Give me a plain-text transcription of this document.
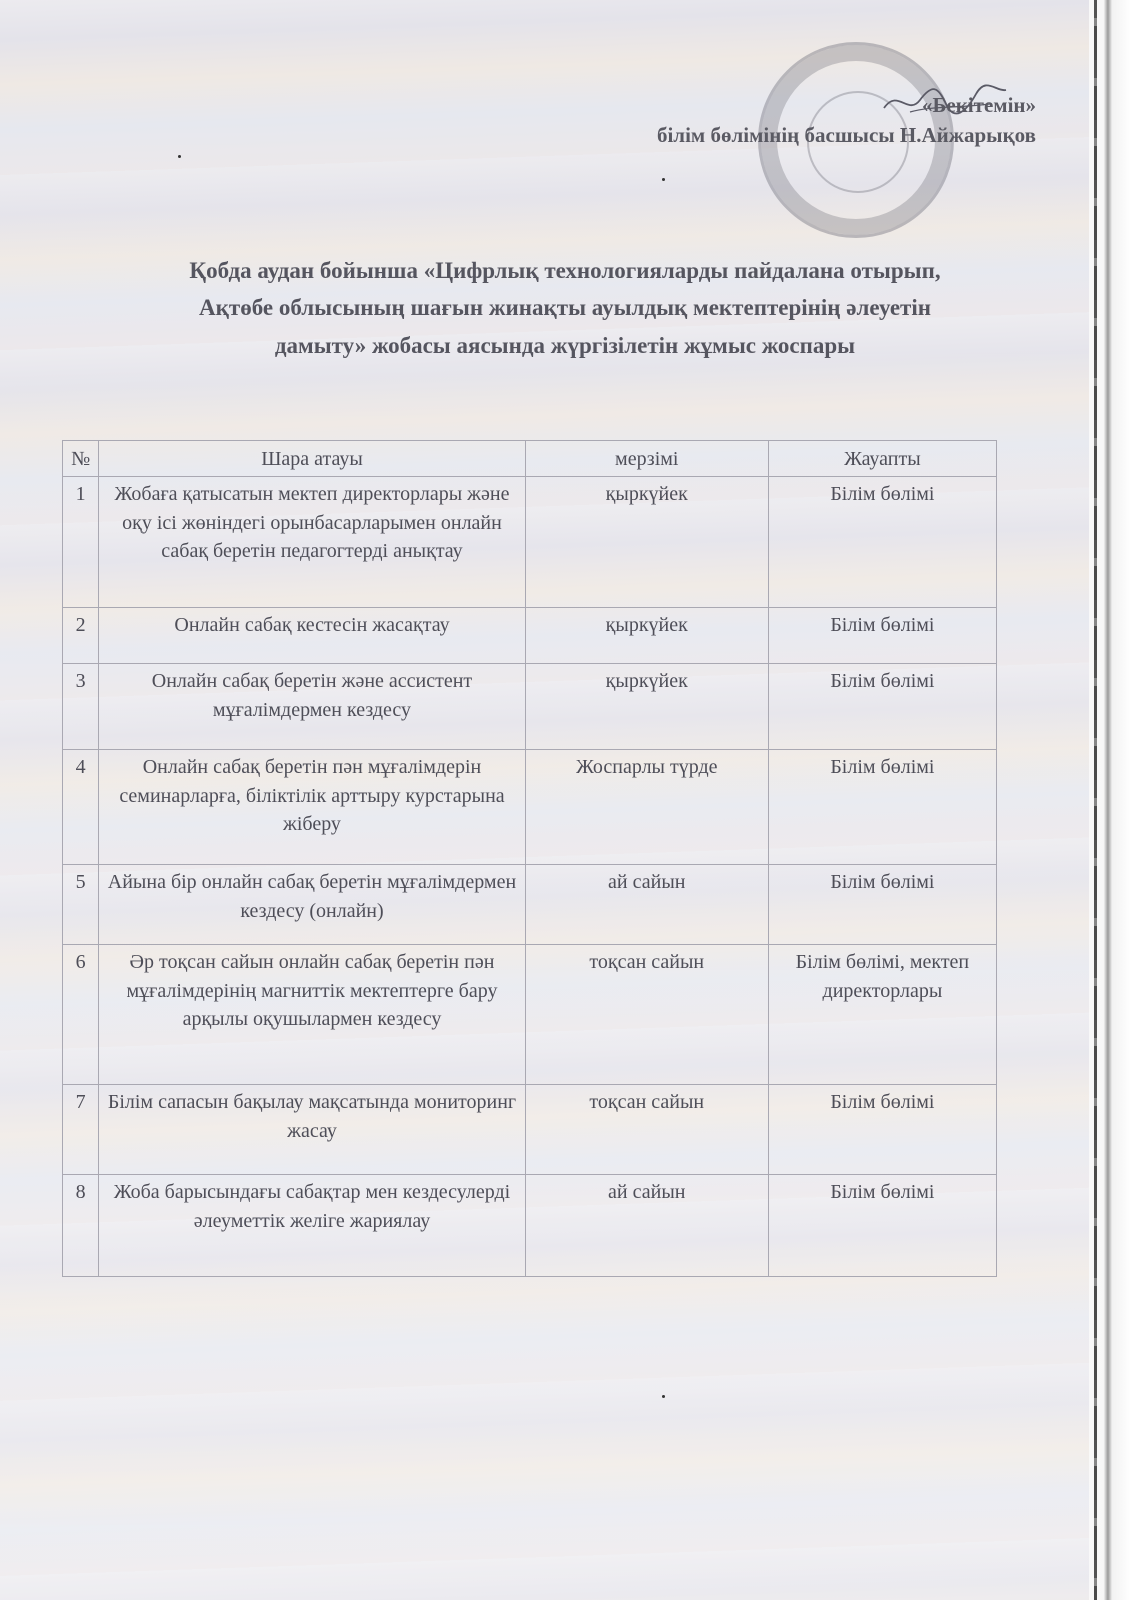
«Бекітемін»
білім бөлімінің басшысы Н.Айжарықов
Қобда аудан бойынша «Цифрлық технологияларды пайдалана отырып,
Ақтөбе облысының шағын жинақты ауылдық мектептерінің әлеуетін
дамыту» жобасы аясында жүргізілетін жұмыс жоспары
№	Шара атауы	мерзімі	Жауапты
1	Жобаға қатысатын мектеп директорлары және оқу ісі жөніндегі орынбасарларымен онлайн сабақ беретін педагогтерді анықтау	қыркүйек	Білім бөлімі
2	Онлайн сабақ кестесін жасақтау	қыркүйек	Білім бөлімі
3	Онлайн сабақ беретін және ассистент мұғалімдермен кездесу	қыркүйек	Білім бөлімі
4	Онлайн сабақ беретін пән мұғалімдерін семинарларға, біліктілік арттыру курстарына жіберу	Жоспарлы түрде	Білім бөлімі
5	Айына бір онлайн сабақ беретін мұғалімдермен кездесу (онлайн)	ай сайын	Білім бөлімі
6	Әр тоқсан сайын онлайн сабақ беретін пән мұғалімдерінің магниттік мектептерге бару арқылы оқушылармен кездесу	тоқсан сайын	Білім бөлімі, мектеп директорлары
7	Білім сапасын бақылау мақсатында мониторинг жасау	тоқсан сайын	Білім бөлімі
8	Жоба барысындағы сабақтар мен кездесулерді әлеуметтік желіге жариялау	ай сайын	Білім бөлімі
